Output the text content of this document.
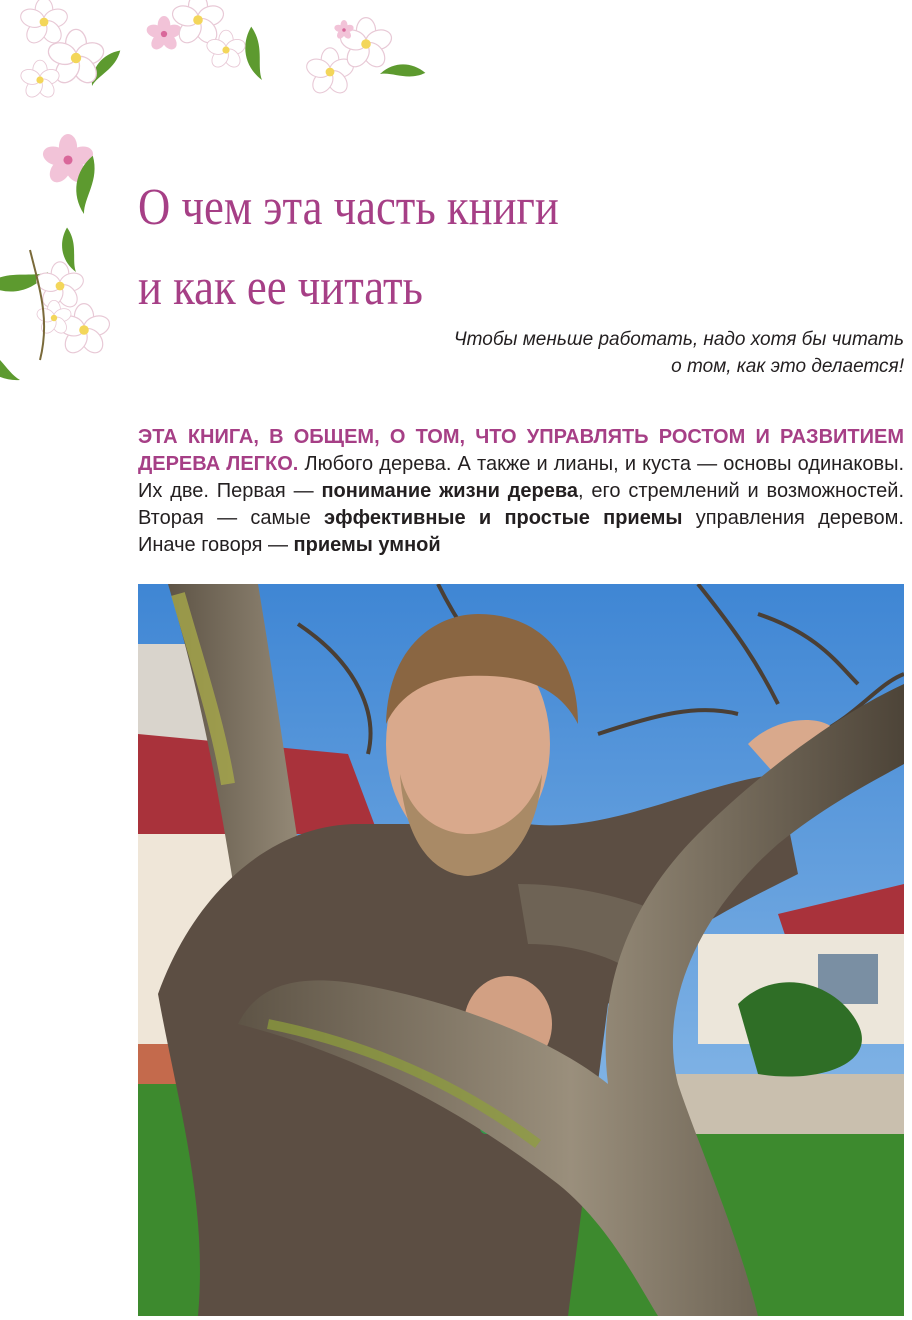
О чем эта часть книги
и как ее читать

Чтобы меньше работать, надо хотя бы читать о том, как это делается!

ЭТА КНИГА, В ОБЩЕМ, О ТОМ, ЧТО УПРАВЛЯТЬ РОСТОМ И РАЗВИТИЕМ ДЕРЕВА ЛЕГКО. Любого дерева. А также и лианы, и куста — основы одинаковы. Их две. Первая — понимание жизни дерева, его стремлений и возможностей. Вторая — самые эффективные и простые приемы управления деревом. Иначе говоря — приемы умной
